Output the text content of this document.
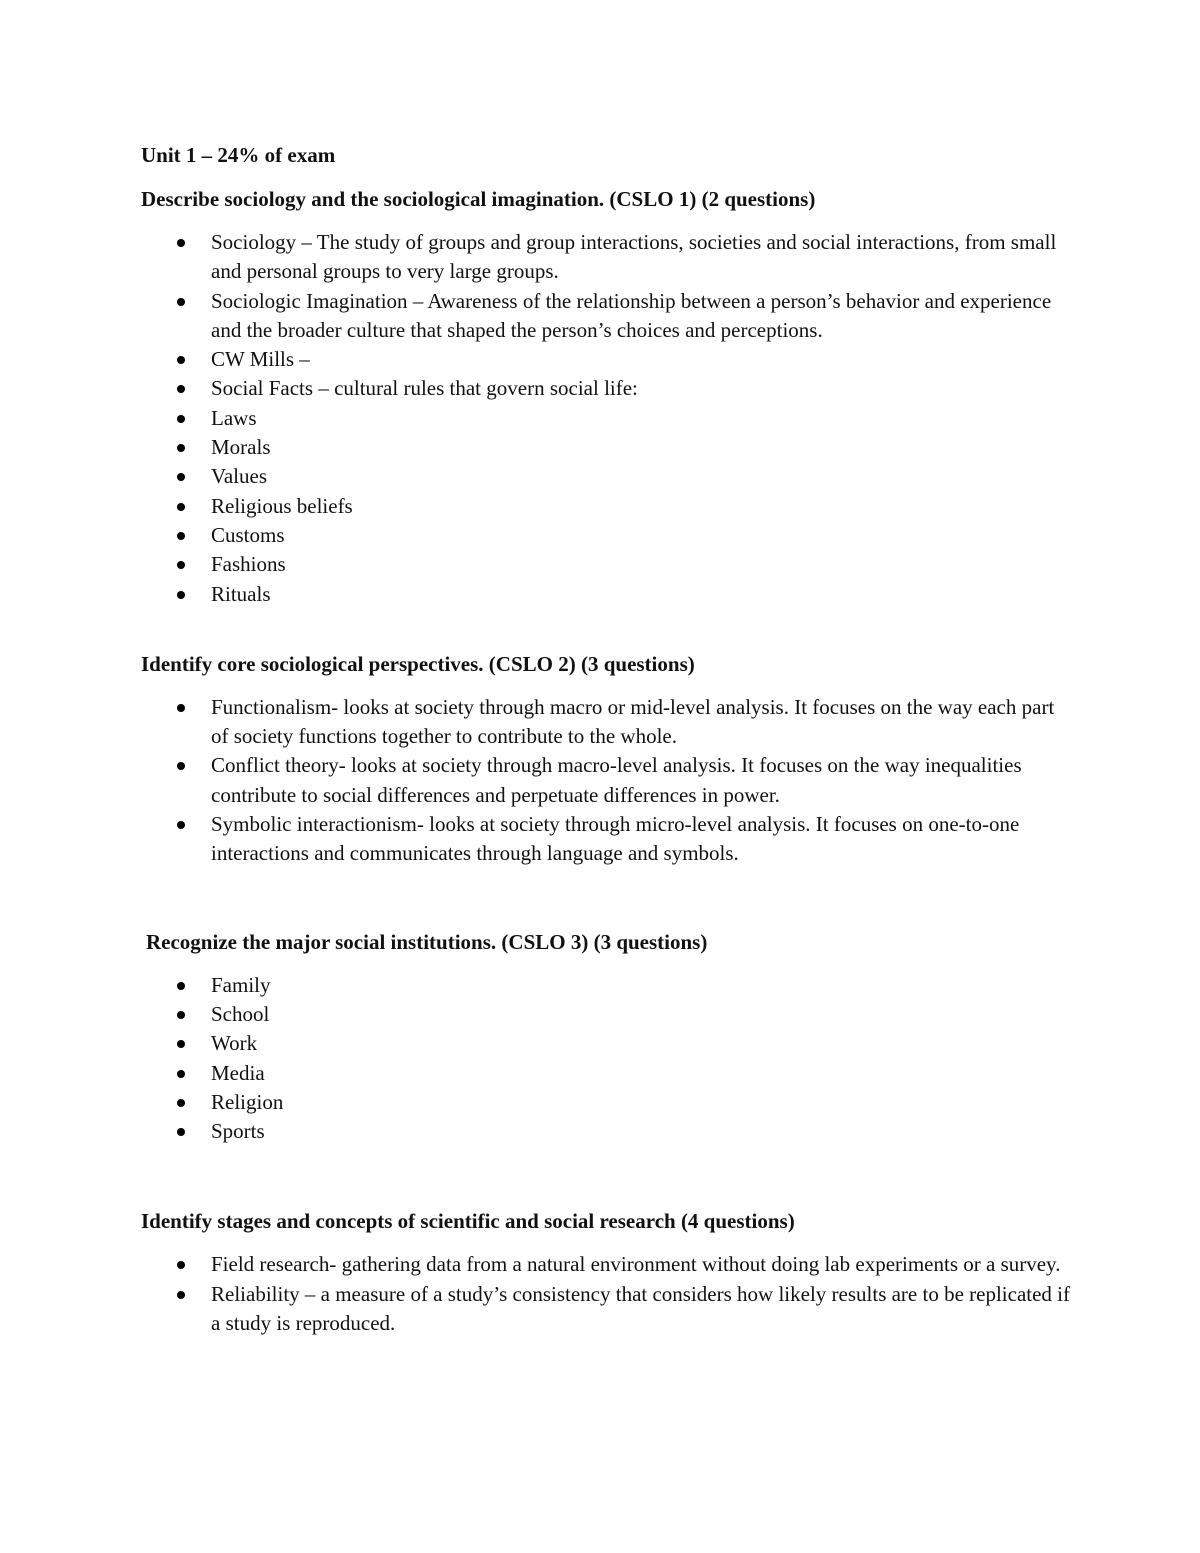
Unit 1 – 24% of exam

Describe sociology and the sociological imagination. (CSLO 1) (2 questions)

Sociology – The study of groups and group interactions, societies and social interactions, from small and personal groups to very large groups.
Sociologic Imagination – Awareness of the relationship between a person’s behavior and experience and the broader culture that shaped the person’s choices and perceptions.
CW Mills –
Social Facts – cultural rules that govern social life:
Laws
Morals
Values
Religious beliefs
Customs
Fashions
Rituals

Identify core sociological perspectives. (CSLO 2) (3 questions)

Functionalism- looks at society through macro or mid-level analysis. It focuses on the way each part of society functions together to contribute to the whole.
Conflict theory- looks at society through macro-level analysis. It focuses on the way inequalities contribute to social differences and perpetuate differences in power.
Symbolic interactionism- looks at society through micro-level analysis. It focuses on one-to-one interactions and communicates through language and symbols.

Recognize the major social institutions. (CSLO 3) (3 questions)

Family
School
Work
Media
Religion
Sports

Identify stages and concepts of scientific and social research (4 questions)

Field research- gathering data from a natural environment without doing lab experiments or a survey.
Reliability – a measure of a study’s consistency that considers how likely results are to be replicated if a study is reproduced.
